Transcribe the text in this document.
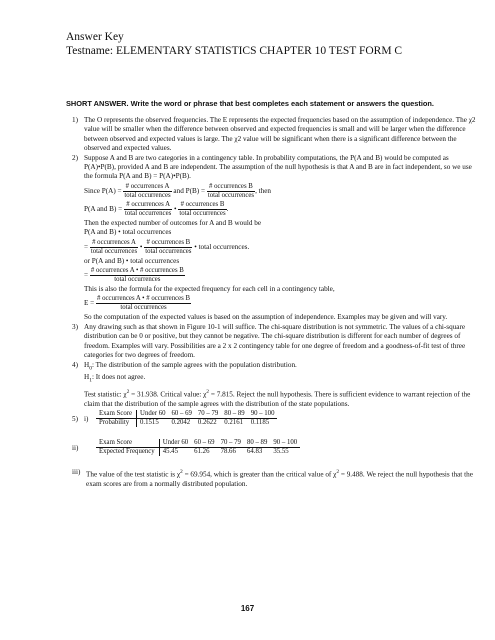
Answer Key
Testname: ELEMENTARY STATISTICS CHAPTER 10 TEST FORM C
SHORT ANSWER. Write the word or phrase that best completes each statement or answers the question.
1) The O represents the observed frequencies. The E represents the expected frequencies based on the assumption of independence. The χ2 value will be smaller when the difference between observed and expected frequencies is small and will be larger when the difference between observed and expected values is large. The χ2 value will be significant when there is a significant difference between the observed and expected values.

2) Suppose A and B are two categories in a contingency table. In probability computations, the P(A and B) would be computed as P(A)•P(B), provided A and B are independent. The assumption of the null hypothesis is that A and B are in fact independent, so we use the formula P(A and B) = P(A)•P(B).

Since $P(A) = \frac{\text{\# occurrences A}}{\text{total occurrences}}$ and $P(B) = \frac{\text{\# occurrences B}}{\text{total occurrences}}$ , then
P(A and $B) = \frac{\text{\# occurrences A}}{\text{total occurrences}}$ • $\frac{\text{\# occurrences B}}{\text{total occurrences}}$ .

Then the expected number of outcomes for A and B would be

P(A and B) • total occurrences

= $\frac{\text{\# occurrences A}}{\text{total occurrences}}$ • $\frac{\text{\# occurrences B}}{\text{total occurrences}}$ • total occurrences.

or P(A and B) • total occurrences

= $\frac{\text{\# occurrences A • \# occurrences B}}{\text{total occurrences}}$

This is also the formula for the expected frequency for each cell in a contingency table,

$E = \frac{\text{\# occurrences A • \# occurrences B}}{\text{total occurrences}}$

So the computation of the expected values is based on the assumption of independence. Examples may be given and will vary.

3) Any drawing such as that shown in Figure 10-1 will suffice. The chi-square distribution is not symmetric. The values of a chi-square distribution can be 0 or positive, but they cannot be negative. The chi-square distribution is different for each number of degrees of freedom. Examples will vary. Possibilities are a 2 x 2 contingency table for one degree of freedom and a goodness-of-fit test of three categories for two degrees of freedom.

4) $H_0$: The distribution of the sample agrees with the population distribution.

$H_1$: It does not agree.

Test statistic: $\chi^2 = 31.938$. Critical value: $\chi^2 = 7.815$. Reject the null hypothesis. There is sufficient evidence to warrant rejection of the claim that the distribution of the sample agrees with the distribution of the state populations.

5) i)Exam Score	Under 60	60 – 69	70 – 79	80 – 89	90 – 100
Probability	0.1515	0.2042	0.2622	0.2161	0.1185
ii)Exam Score	Under 60	60 – 69	70 – 79	80 – 89	90 – 100
Expected Frequency	45.45	61.26	78.66	64.83	35.55
iii) The value of the test statistic is $\chi^2 = 69.954$, which is greater than the critical value of $\chi^2 = 9.488$. We reject the null hypothesis that the exam scores are from a normally distributed population.

167
